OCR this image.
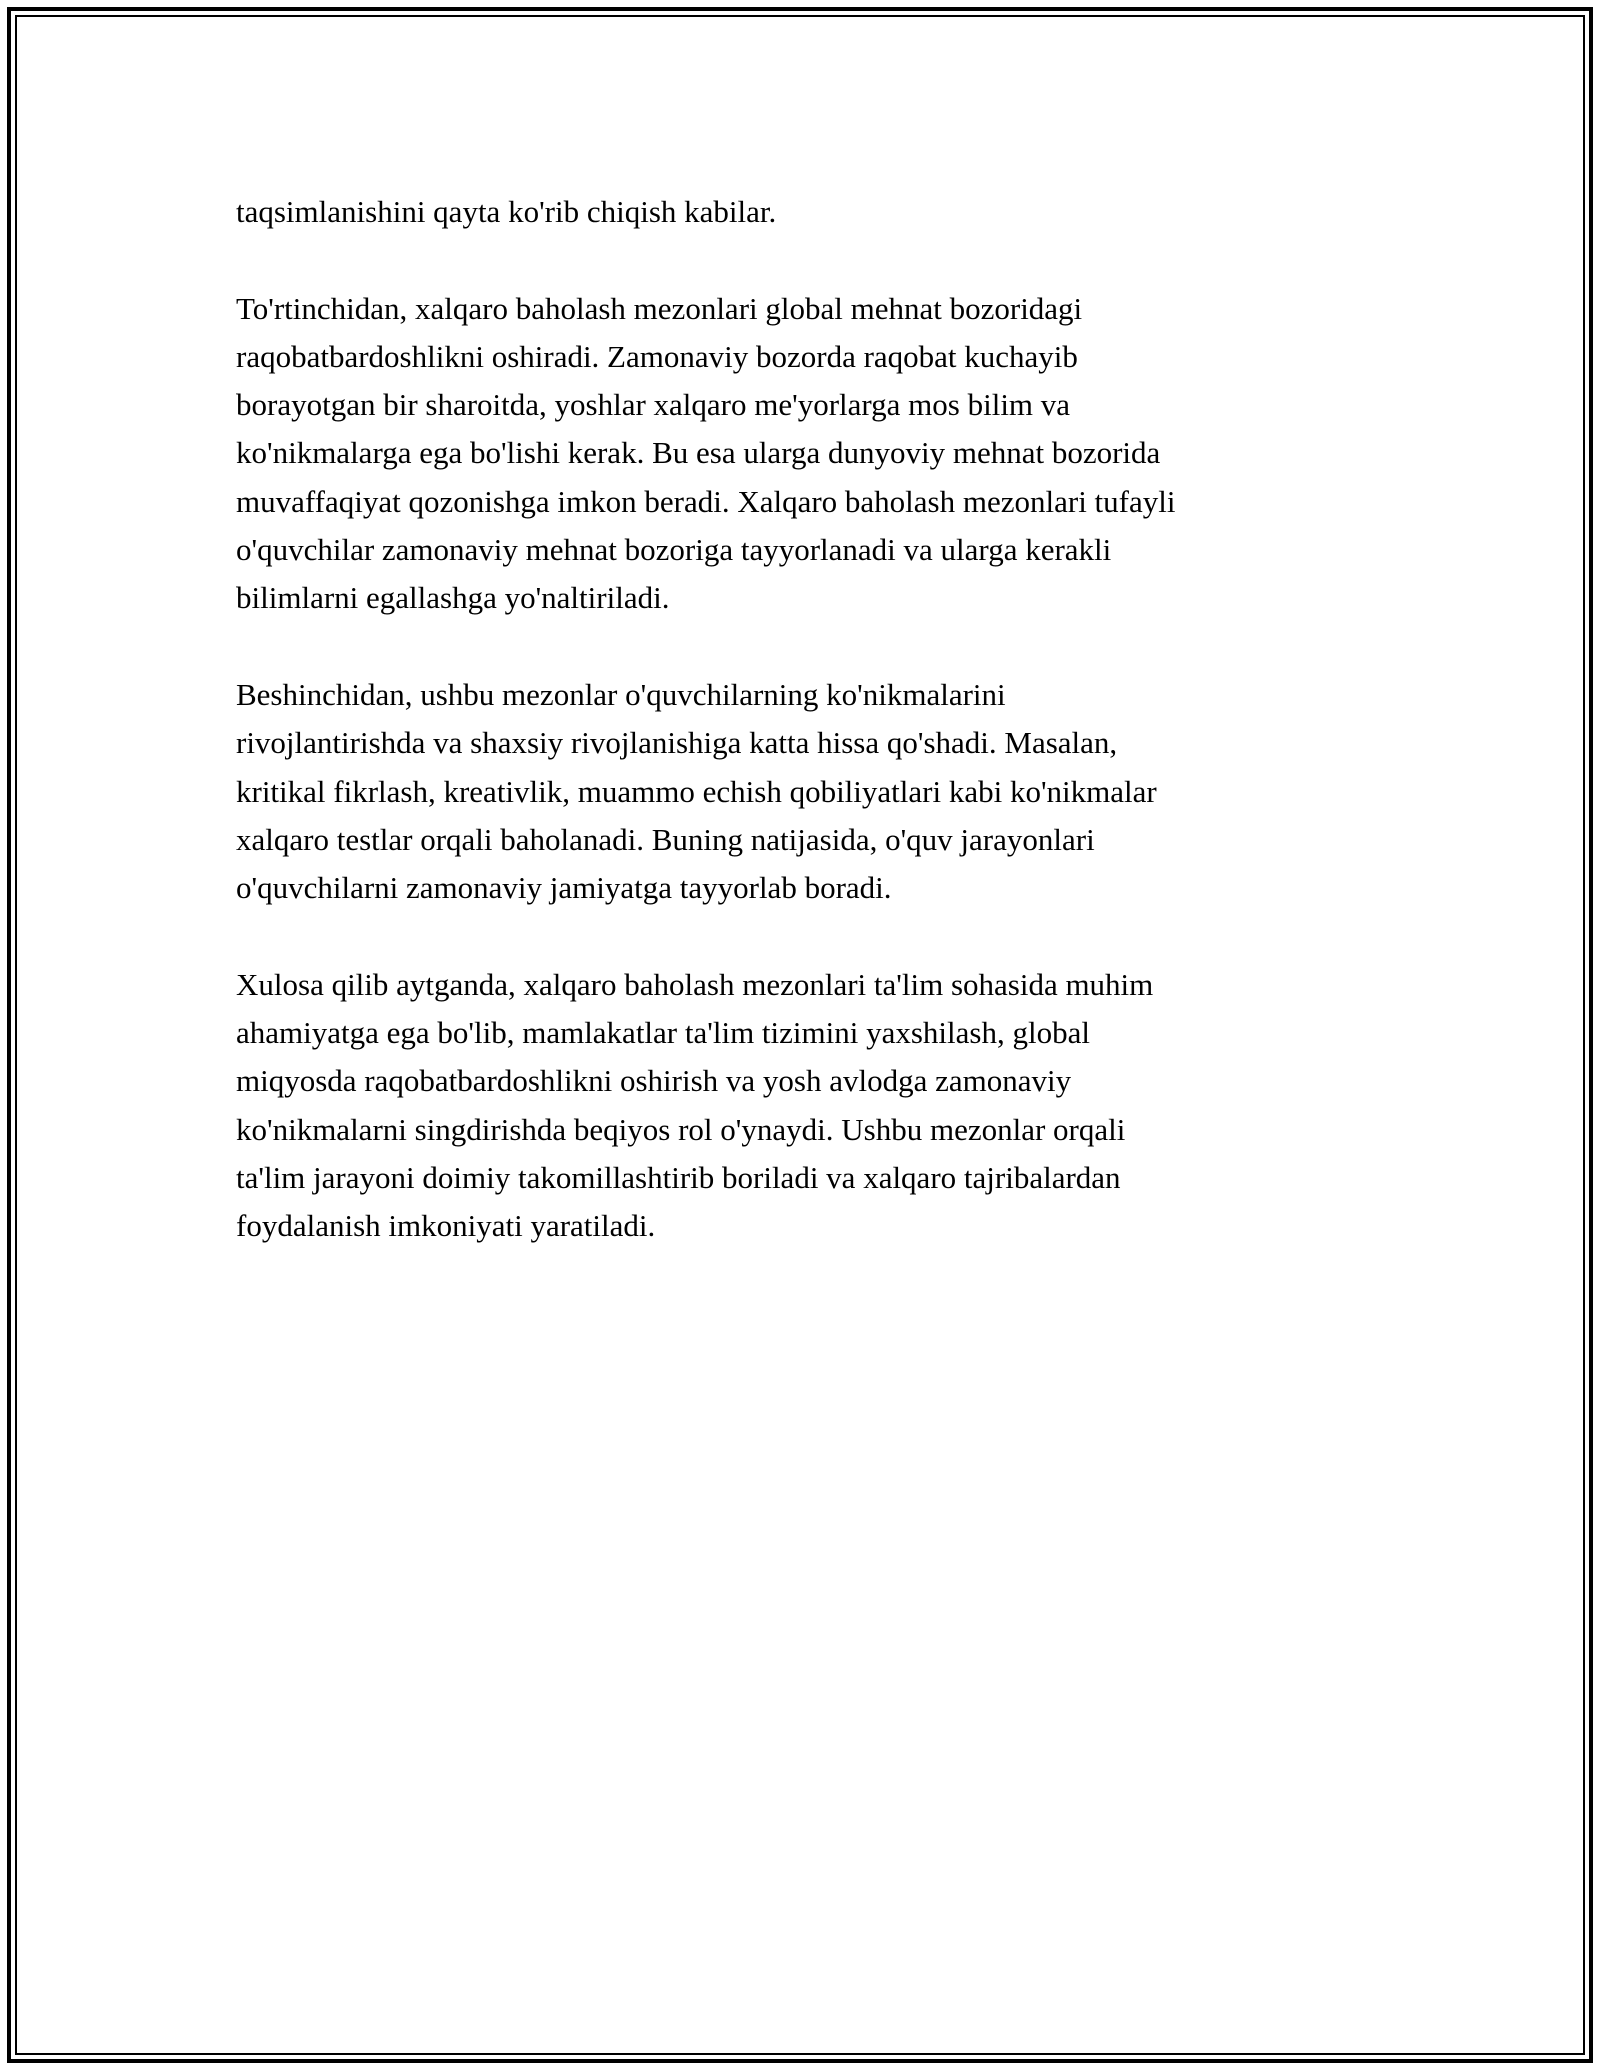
taqsimlanishini qayta ko'rib chiqish kabilar.

To'rtinchidan, xalqaro baholash mezonlari global mehnat bozoridagi
raqobatbardoshlikni oshiradi. Zamonaviy bozorda raqobat kuchayib
borayotgan bir sharoitda, yoshlar xalqaro me'yorlarga mos bilim va
ko'nikmalarga ega bo'lishi kerak. Bu esa ularga dunyoviy mehnat bozorida
muvaffaqiyat qozonishga imkon beradi. Xalqaro baholash mezonlari tufayli
o'quvchilar zamonaviy mehnat bozoriga tayyorlanadi va ularga kerakli
bilimlarni egallashga yo'naltiriladi.

Beshinchidan, ushbu mezonlar o'quvchilarning ko'nikmalarini
rivojlantirishda va shaxsiy rivojlanishiga katta hissa qo'shadi. Masalan,
kritikal fikrlash, kreativlik, muammo echish qobiliyatlari kabi ko'nikmalar
xalqaro testlar orqali baholanadi. Buning natijasida, o'quv jarayonlari
o'quvchilarni zamonaviy jamiyatga tayyorlab boradi.

Xulosa qilib aytganda, xalqaro baholash mezonlari ta'lim sohasida muhim
ahamiyatga ega bo'lib, mamlakatlar ta'lim tizimini yaxshilash, global
miqyosda raqobatbardoshlikni oshirish va yosh avlodga zamonaviy
ko'nikmalarni singdirishda beqiyos rol o'ynaydi. Ushbu mezonlar orqali
ta'lim jarayoni doimiy takomillashtirib boriladi va xalqaro tajribalardan
foydalanish imkoniyati yaratiladi.
